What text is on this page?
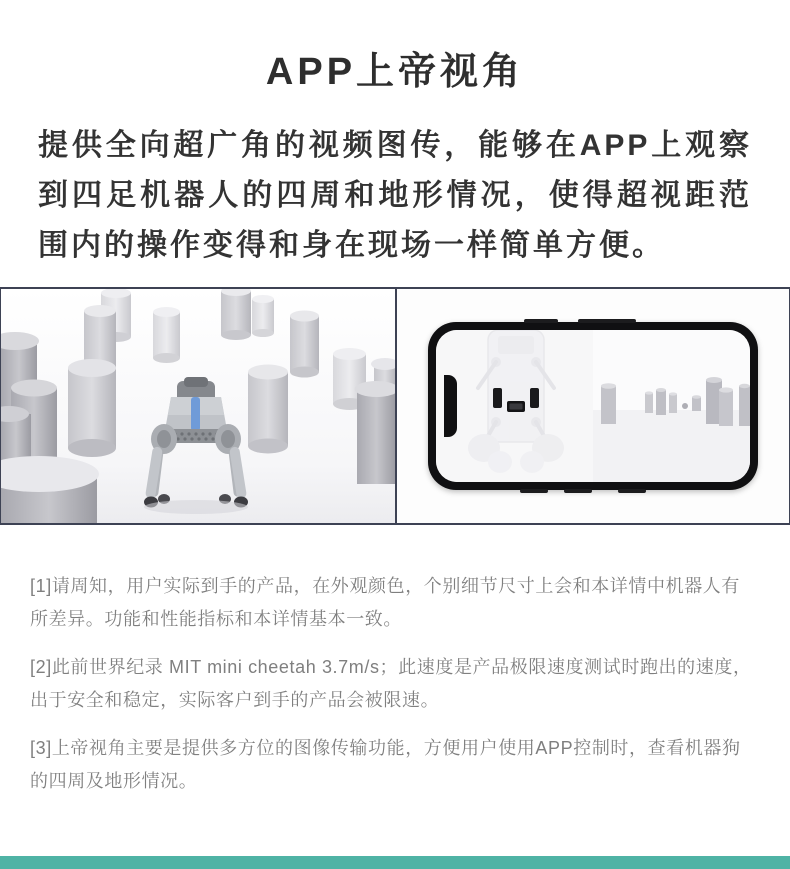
APP上帝视角
提供全向超广角的视频图传，能够在APP上观察到四足机器人的四周和地形情况，使得超视距范围内的操作变得和身在现场一样简单方便。

[1]请周知，用户实际到手的产品，在外观颜色，个别细节尺寸上会和本详情中机器人有所差异。功能和性能指标和本详情基本一致。

[2]此前世界纪录 MIT mini cheetah 3.7m/s；此速度是产品极限速度测试时跑出的速度，出于安全和稳定，实际客户到手的产品会被限速。

[3]上帝视角主要是提供多方位的图像传输功能，方便用户使用APP控制时，查看机器狗的四周及地形情况。
